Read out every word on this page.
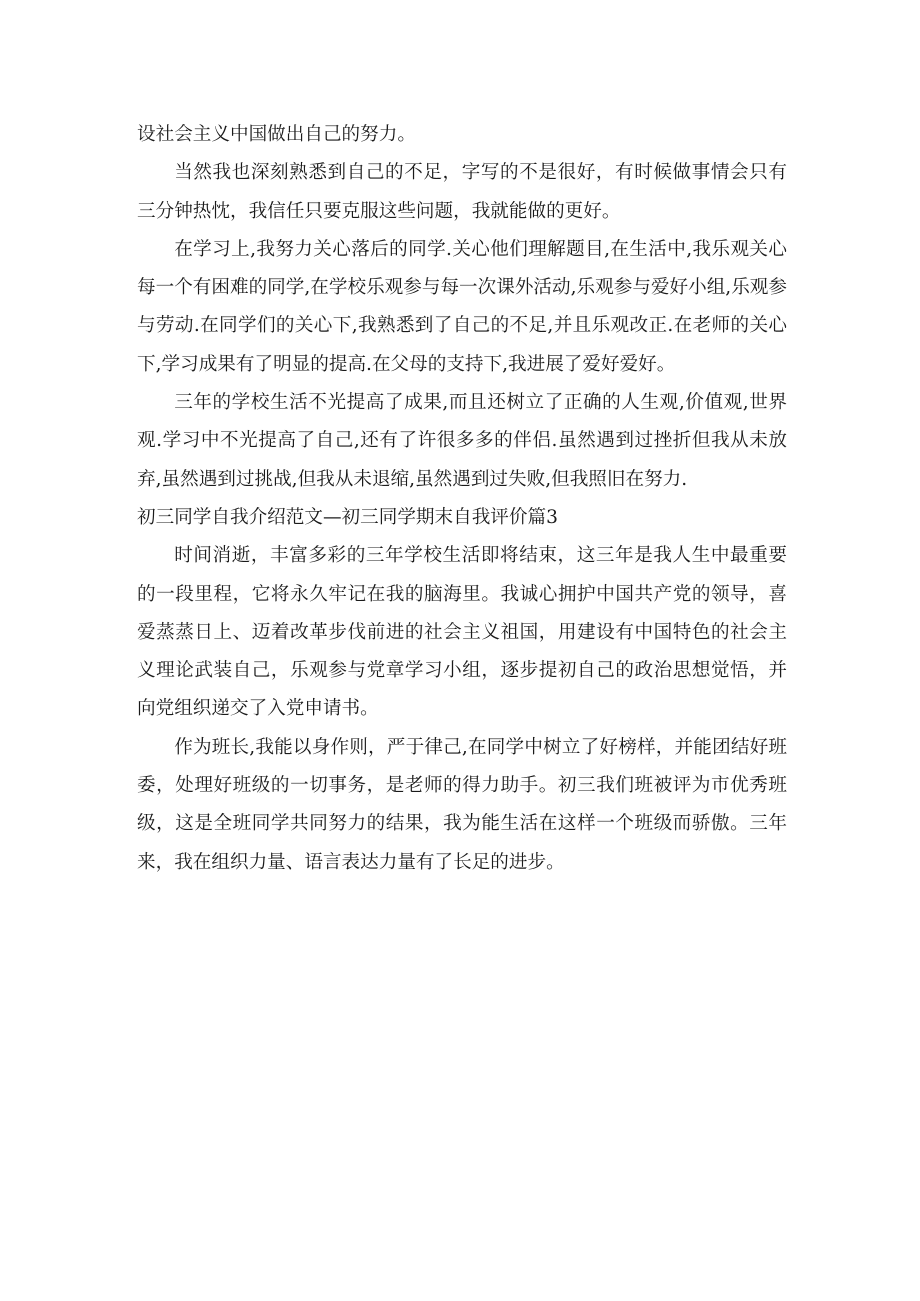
设社会主义中国做出自己的努力。

当然我也深刻熟悉到自己的不足，字写的不是很好，有时候做事情会只有三分钟热忱，我信任只要克服这些问题，我就能做的更好。

在学习上,我努力关心落后的同学.关心他们理解题目,在生活中,我乐观关心每一个有困难的同学,在学校乐观参与每一次课外活动,乐观参与爱好小组,乐观参与劳动.在同学们的关心下,我熟悉到了自己的不足,并且乐观改正.在老师的关心下,学习成果有了明显的提高.在父母的支持下,我进展了爱好爱好。

三年的学校生活不光提高了成果,而且还树立了正确的人生观,价值观,世界观.学习中不光提高了自己,还有了许很多多的伴侣.虽然遇到过挫折但我从未放弃,虽然遇到过挑战,但我从未退缩,虽然遇到过失败,但我照旧在努力.

初三同学自我介绍范文—初三同学期末自我评价篇3

时间消逝，丰富多彩的三年学校生活即将结束，这三年是我人生中最重要的一段里程，它将永久牢记在我的脑海里。我诚心拥护中国共产党的领导，喜爱蒸蒸日上、迈着改革步伐前进的社会主义祖国，用建设有中国特色的社会主义理论武装自己，乐观参与党章学习小组，逐步提初自己的政治思想觉悟，并向党组织递交了入党申请书。

作为班长,我能以身作则，严于律己,在同学中树立了好榜样，并能团结好班委，处理好班级的一切事务，是老师的得力助手。初三我们班被评为市优秀班级，这是全班同学共同努力的结果，我为能生活在这样一个班级而骄傲。三年来，我在组织力量、语言表达力量有了长足的进步。
